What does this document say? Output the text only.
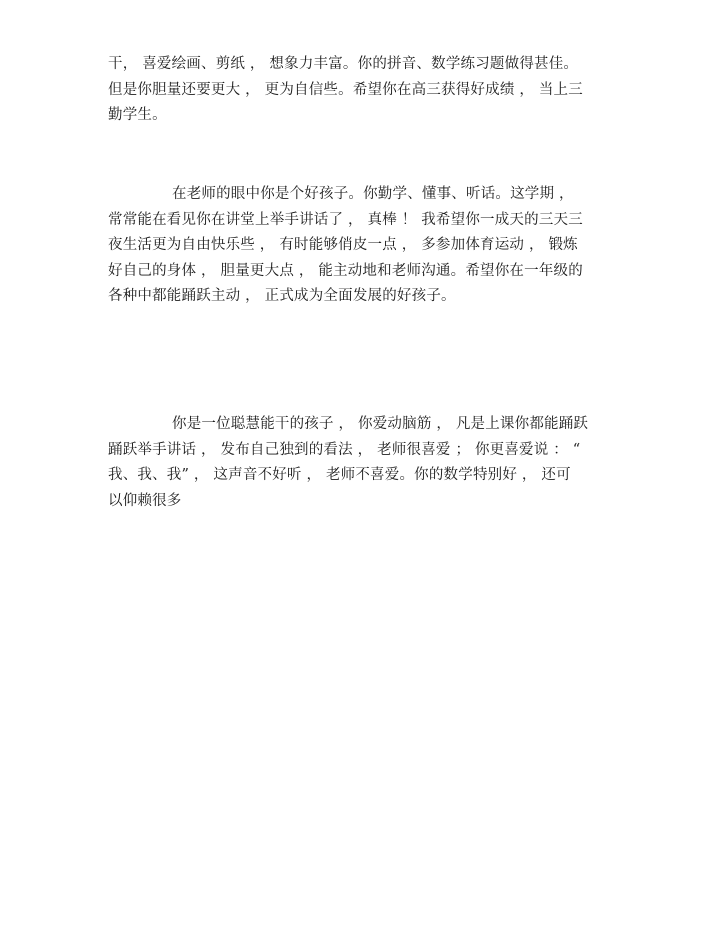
干， 喜爱绘画、剪纸 ， 想象力丰富。你的拼音、数学练习题做得甚佳。
但是你胆量还要更大 ， 更为自信些。希望你在高三获得好成绩 ， 当上三
勤学生。

在老师的眼中你是个好孩子。你勤学、懂事、听话。这学期 ，
常常能在看见你在讲堂上举手讲话了 ， 真棒 ！ 我希望你一成天的三天三
夜生活更为自由快乐些 ， 有时能够俏皮一点 ， 多参加体育运动 ， 锻炼
好自己的身体 ， 胆量更大点 ， 能主动地和老师沟通。希望你在一年级的
各种中都能踊跃主动 ， 正式成为全面发展的好孩子。

你是一位聪慧能干的孩子 ， 你爱动脑筋 ， 凡是上课你都能踊跃
踊跃举手讲话 ， 发布自己独到的看法 ， 老师很喜爱 ； 你更喜爱说 ： “
我、我、我” ， 这声音不好听 ， 老师不喜爱。你的数学特别好 ， 还可
以仰赖很多
